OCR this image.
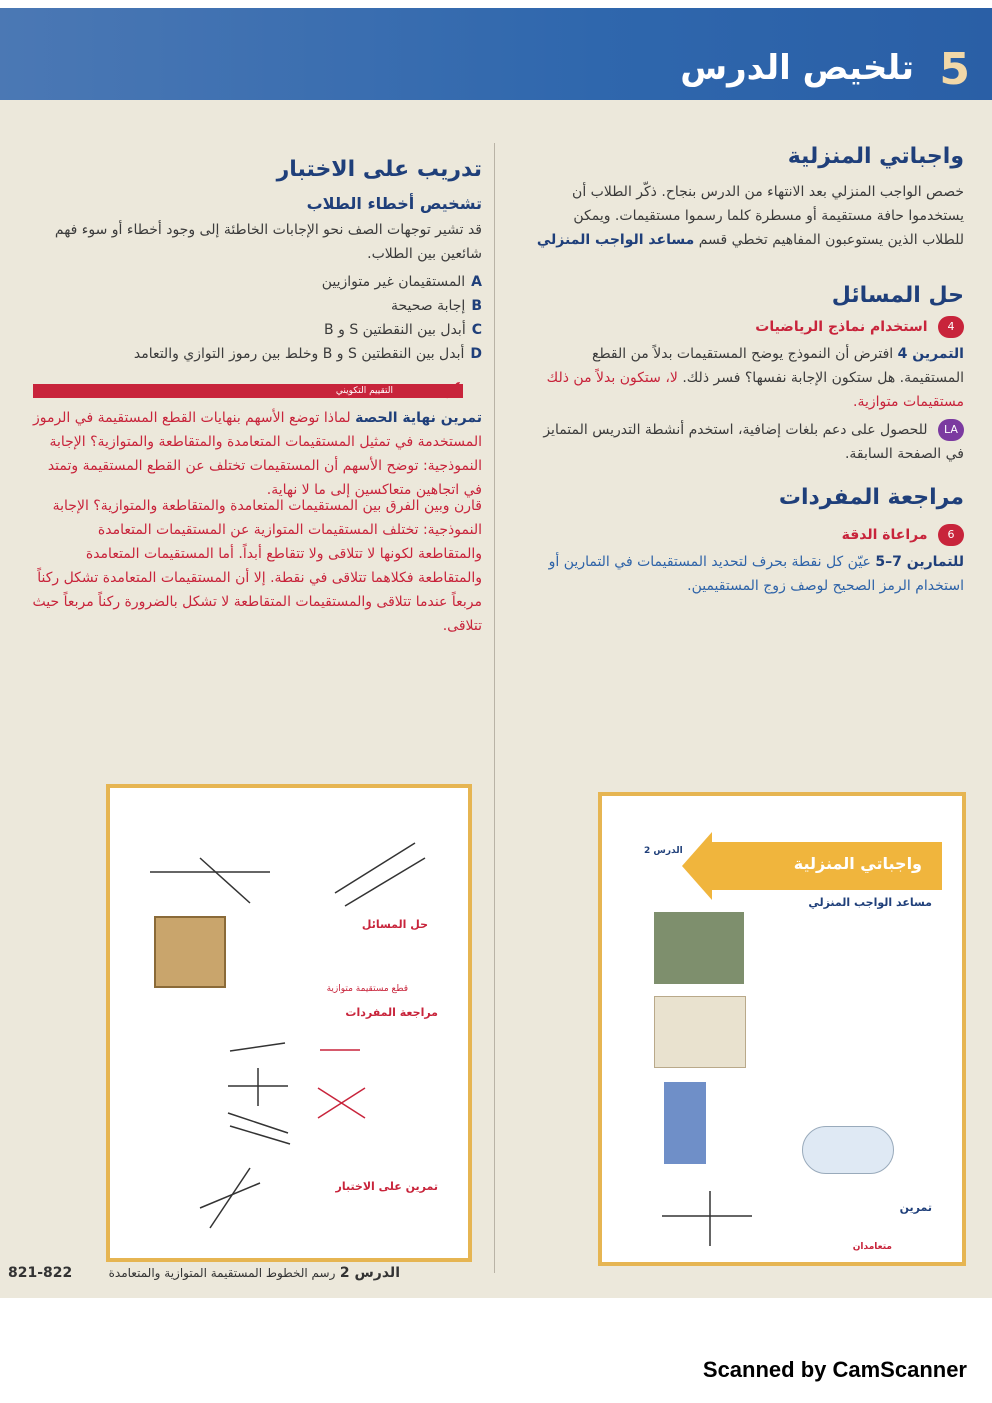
5
تلخيص الدرس
واجباتي المنزلية
خصص الواجب المنزلي بعد الانتهاء من الدرس بنجاح. ذكّر الطلاب أن يستخدموا حافة مستقيمة أو مسطرة كلما رسموا مستقيمات. ويمكن للطلاب الذين يستوعبون المفاهيم تخطي قسم مساعد الواجب المنزلي
حل المسائل
4 استخدام نماذج الرياضيات
التمرين 4 افترض أن النموذج يوضح المستقيمات بدلاً من القطع المستقيمة. هل ستكون الإجابة نفسها؟ فسر ذلك. لا، ستكون بدلاً من ذلك مستقيمات متوازية.
LA للحصول على دعم بلغات إضافية، استخدم أنشطة التدريس المتمايز في الصفحة السابقة.
مراجعة المفردات
6 مراعاة الدقة
للتمارين 7–5 عيّن كل نقطة بحرف لتحديد المستقيمات في التمارين أو استخدام الرمز الصحيح لوصف زوج المستقيمين.
تدريب على الاختبار
تشخيص أخطاء الطلاب
قد تشير توجهات الصف نحو الإجابات الخاطئة إلى وجود أخطاء أو سوء فهم شائعين بين الطلاب.
Aالمستقيمان غير متوازيين
Bإجابة صحيحة
Cأبدل بين النقطتين S و B
Dأبدل بين النقطتين S و B وخلط بين رموز التوازي والتعامد
التقييم التكويني ✓
تمرين نهاية الحصة لماذا توضع الأسهم بنهايات القطع المستقيمة في الرموز المستخدمة في تمثيل المستقيمات المتعامدة والمتقاطعة والمتوازية؟ الإجابة النموذجية: توضح الأسهم أن المستقيمات تختلف عن القطع المستقيمة وتمتد في اتجاهين متعاكسين إلى ما لا نهاية.
قارن وبين الفرق بين المستقيمات المتعامدة والمتقاطعة والمتوازية؟ الإجابة النموذجية: تختلف المستقيمات المتوازية عن المستقيمات المتعامدة والمتقاطعة لكونها لا تتلاقى ولا تتقاطع أبداً. أما المستقيمات المتعامدة والمتقاطعة فكلاهما تتلاقى في نقطة. إلا أن المستقيمات المتعامدة تشكل ركناً مربعاً عندما تتلاقى والمستقيمات المتقاطعة لا تشكل بالضرورة ركناً مربعاً حيث تتلاقى.
حل المسائل
قطع مستقيمة متوازية
مراجعة المفردات
تمرين على الاختبار
واجباتي المنزلية
الدرس 2
مساعد الواجب المنزلي
تمرين
متعامدان
821-822	الدرس 2 رسم الخطوط المستقيمة المتوازية والمتعامدة
Scanned by CamScanner
